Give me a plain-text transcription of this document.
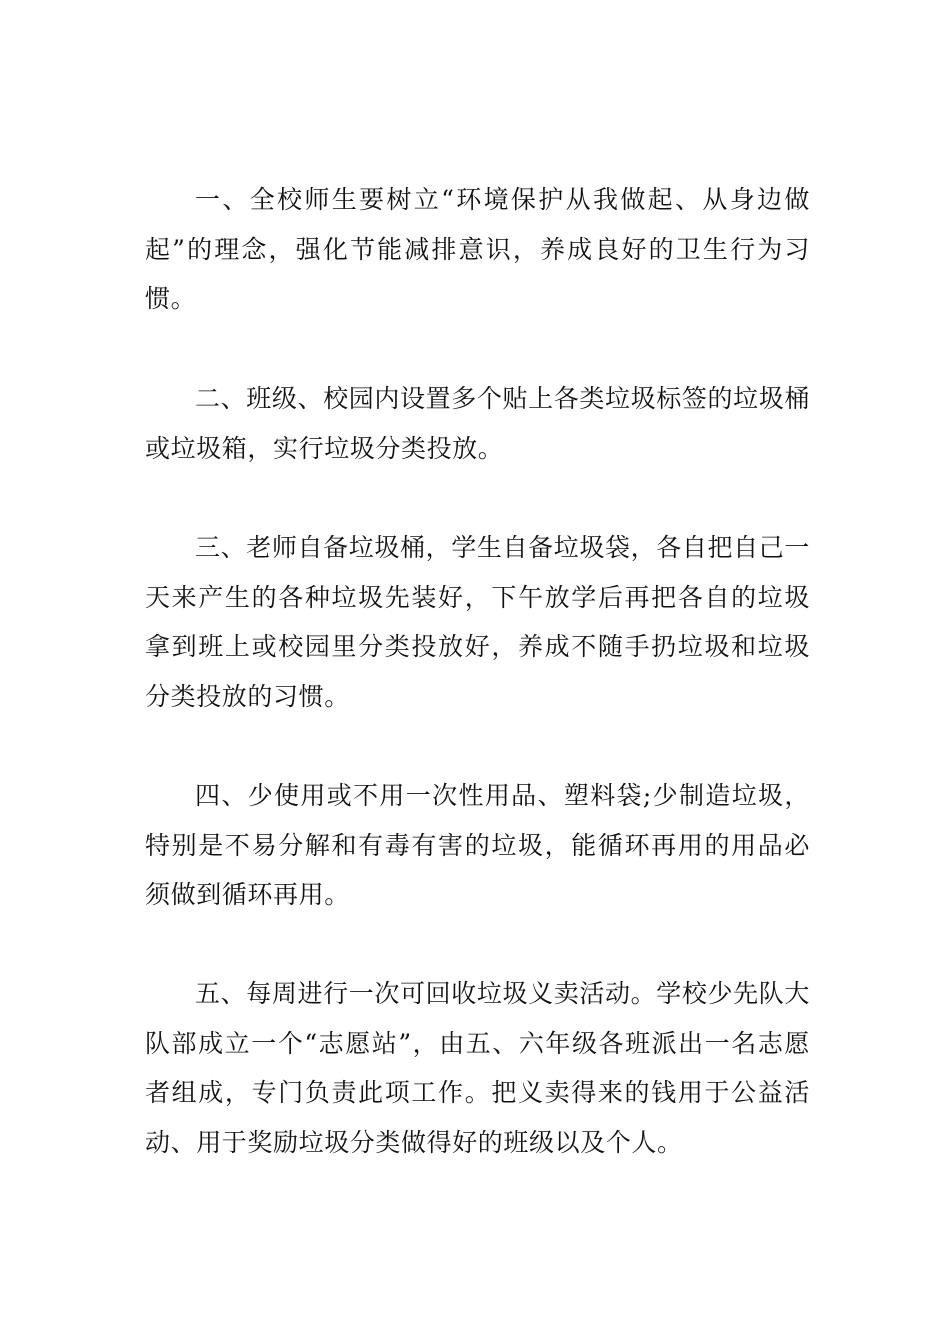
一、全校师生要树立“环境保护从我做起、从身边做起”的理念，强化节能减排意识，养成良好的卫生行为习惯。

二、班级、校园内设置多个贴上各类垃圾标签的垃圾桶或垃圾箱，实行垃圾分类投放。

三、老师自备垃圾桶，学生自备垃圾袋，各自把自己一天来产生的各种垃圾先装好，下午放学后再把各自的垃圾拿到班上或校园里分类投放好，养成不随手扔垃圾和垃圾分类投放的习惯。

四、少使用或不用一次性用品、塑料袋;少制造垃圾，特别是不易分解和有毒有害的垃圾，能循环再用的用品必须做到循环再用。

五、每周进行一次可回收垃圾义卖活动。学校少先队大队部成立一个“志愿站”，由五、六年级各班派出一名志愿者组成，专门负责此项工作。把义卖得来的钱用于公益活动、用于奖励垃圾分类做得好的班级以及个人。
